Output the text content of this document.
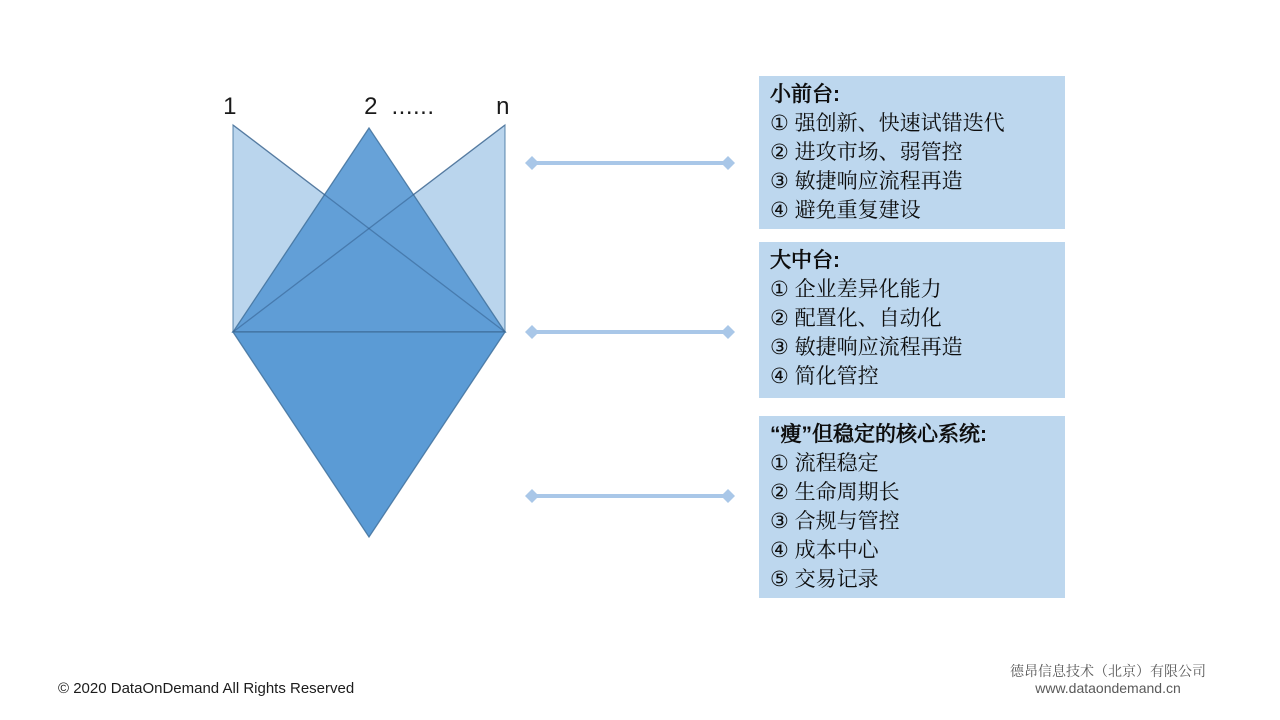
1	2 ......	n	小前台:
① 强创新、快速试错迭代
② 进攻市场、弱管控
③ 敏捷响应流程再造
④ 避免重复建设
大中台:
① 企业差异化能力
② 配置化、自动化
③ 敏捷响应流程再造
④ 简化管控
“瘦”但稳定的核心系统:
① 流程稳定
② 生命周期长
③ 合规与管控
④ 成本中心
⑤ 交易记录
© 2020 DataOnDemand All Rights Reserved
德昂信息技术（北京）有限公司
www.dataondemand.cn
